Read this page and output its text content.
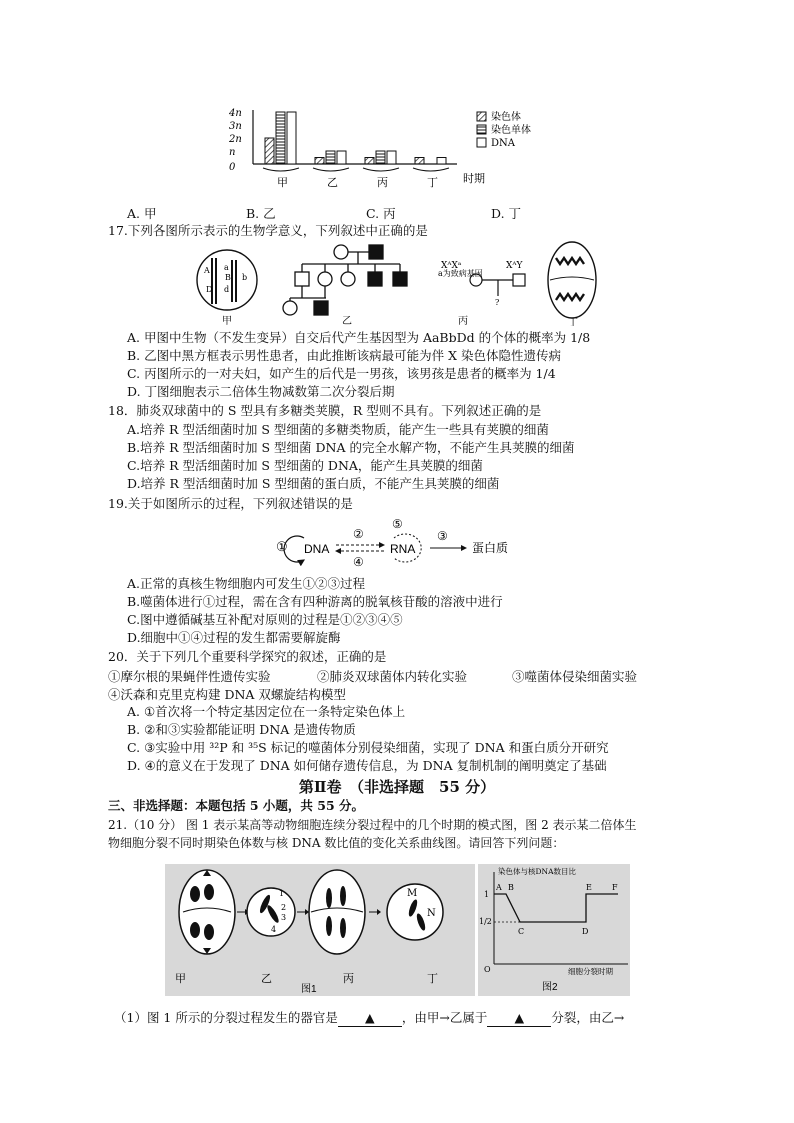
4n
3n
2n
n
0
甲	乙	丙	丁 时期
染色体
染色单体
DNA
A. 甲	B. 乙	C. 丙	D. 丁
17.下列各图所示表示的生物学意义，下列叙述中正确的是
A a
B b
D d
a为致病基因
XᴬXᵃ	XᴬY
?
甲	乙	丙	丁
A. 甲图中生物（不发生变异）自交后代产生基因型为 AaBbDd 的个体的概率为 1/8
B. 乙图中黑方框表示男性患者，由此推断该病最可能为伴 X 染色体隐性遗传病
C. 丙图所示的一对夫妇，如产生的后代是一男孩，该男孩是患者的概率为 1/4
D. 丁图细胞表示二倍体生物减数第二次分裂后期
18．肺炎双球菌中的 S 型具有多糖类荚膜，R 型则不具有。下列叙述正确的是
A.培养 R 型活细菌时加 S 型细菌的多糖类物质，能产生一些具有荚膜的细菌
B.培养 R 型活细菌时加 S 型细菌 DNA 的完全水解产物，不能产生具荚膜的细菌
C.培养 R 型活细菌时加 S 型细菌的 DNA，能产生具荚膜的细菌
D.培养 R 型活细菌时加 S 型细菌的蛋白质，不能产生具荚膜的细菌
19.关于如图所示的过程，下列叙述错误的是
① DNA
②
④
⑤
RNA
③
蛋白质
A.正常的真核生物细胞内可发生①②③过程
B.噬菌体进行①过程，需在含有四种游离的脱氧核苷酸的溶液中进行
C.图中遵循碱基互补配对原则的过程是①②③④⑤
D.细胞中①④过程的发生都需要解旋酶
20．关于下列几个重要科学探究的叙述，正确的是
①摩尔根的果蝇伴性遗传实验	②肺炎双球菌体内转化实验	③噬菌体侵染细菌实验
④沃森和克里克构建 DNA 双螺旋结构模型
A. ①首次将一个特定基因定位在一条特定染色体上
B. ②和③实验都能证明 DNA 是遗传物质
C. ③实验中用 ³²P 和 ³⁵S 标记的噬菌体分别侵染细菌，实现了 DNA 和蛋白质分开研究
D. ④的意义在于发现了 DNA 如何储存遗传信息，为 DNA 复制机制的阐明奠定了基础
第Ⅱ卷　（非选择题　55 分）
三、非选择题：本题包括 5 小题，共 55 分。
21.（10 分） 图 1 表示某高等动物细胞连续分裂过程中的几个时期的模式图，图 2 表示某二倍体生
物细胞分裂不同时期染色体数与核 DNA 数比值的变化关系曲线图。请回答下列问题：
1
2
3
4
M
N
甲	乙	丙	丁
图1
染色体与核DNA数目比
1
1/2
O
A B
C	D
E	F
细胞分裂时期
图2
（1）图 1 所示的分裂过程发生的器官是 ▲ ，由甲→乙属于 ▲ 分裂，由乙→
